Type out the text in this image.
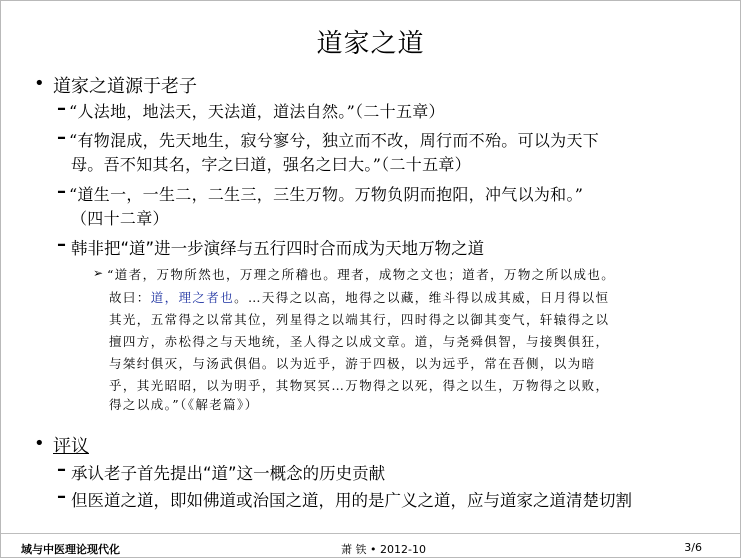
道家之道
• 道家之道源于老子
– “人法地，地法天，天法道，道法自然。”（二十五章）
– “有物混成，先天地生，寂兮寥兮，独立而不改，周行而不殆。可以为天下
母。吾不知其名，字之曰道，强名之曰大。”（二十五章）
– “道生一，一生二，二生三，三生万物。万物负阴而抱阳，冲气以为和。”
（四十二章）
– 韩非把“道”进一步演绎与五行四时合而成为天地万物之道
➢ “道者，万物所然也，万理之所稽也。理者，成物之文也；道者，万物之所以成也。
故曰：道，理之者也。…天得之以高，地得之以藏，维斗得以成其威，日月得以恒
其光，五常得之以常其位，列星得之以端其行，四时得之以御其变气，轩辕得之以
擅四方，赤松得之与天地统，圣人得之以成文章。道，与尧舜俱智，与接舆俱狂，
与桀纣俱灭，与汤武俱倡。以为近乎，游于四极，以为远乎，常在吾侧，以为暗
乎，其光昭昭，以为明乎，其物冥冥…万物得之以死，得之以生，万物得之以败，
得之以成。”（《解老篇》）
• 评议
– 承认老子首先提出“道”这一概念的历史贡献
– 但医道之道，即如佛道或治国之道，用的是广义之道，应与道家之道清楚切割
域与中医理论现代化	萧 铁 • 2012-10	3/6
